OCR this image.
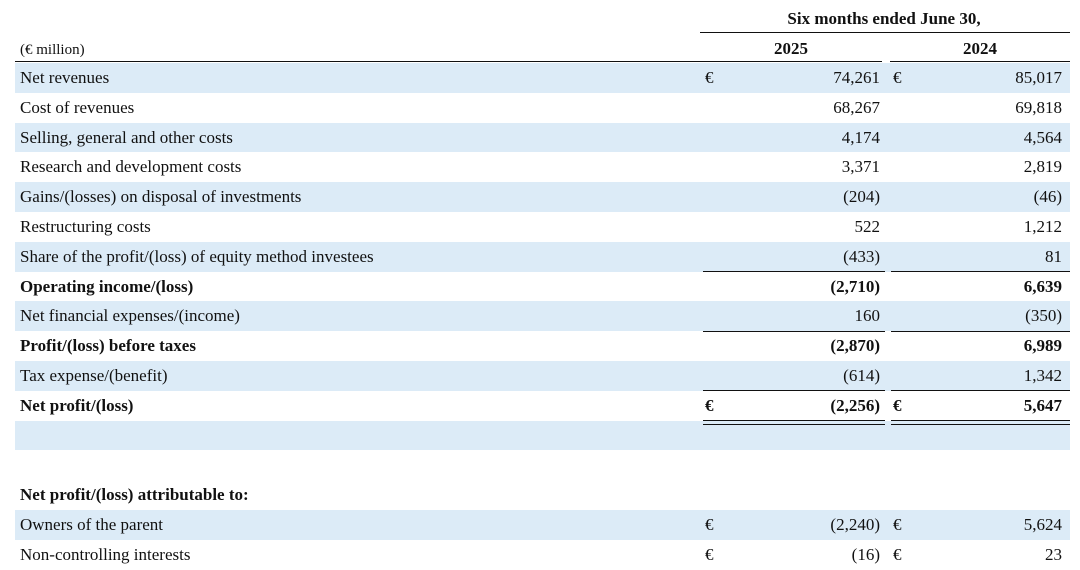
Six months ended June 30,
(€ million)	2025	2024
Net revenues	€	74,261 €	85,017
Cost of revenues	68,267	69,818
Selling, general and other costs	4,174	4,564
Research and development costs	3,371	2,819
Gains/(losses) on disposal of investments	(204)	(46)
Restructuring costs	522	1,212
Share of the profit/(loss) of equity method investees	(433)	81
Operating income/(loss)	(2,710)	6,639
Net financial expenses/(income)	160	(350)
Profit/(loss) before taxes	(2,870)	6,989
Tax expense/(benefit)	(614)	1,342
Net profit/(loss)	€	(2,256) €	5,647
Net profit/(loss) attributable to:
Owners of the parent	€	(2,240) €	5,624
Non-controlling interests	€	(16) €	23
